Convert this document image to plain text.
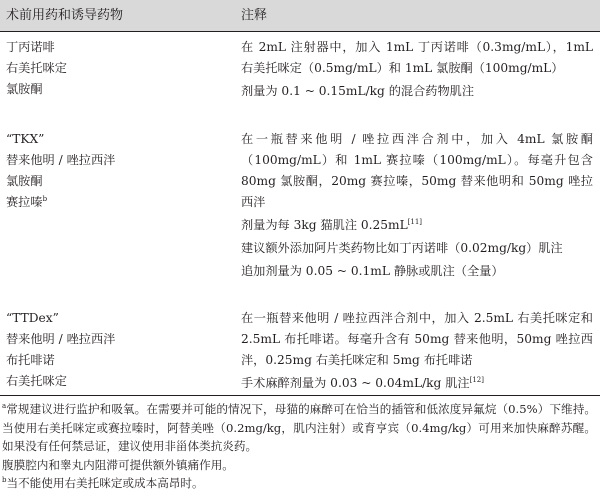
术前用药和诱导药物	注释
丁丙诺啡
右美托咪定
氯胺酮

在 2mL 注射器中，加入 1mL 丁丙诺啡（0.3mg/mL），1mL 右美托咪定（0.5mg/mL）和 1mL 氯胺酮（100mg/mL）

剂量为 0.1 ~ 0.15mL/kg 的混合药物肌注

“TKX”
替来他明 / 唑拉西泮
氯胺酮
赛拉嗪$^b$

在一瓶替来他明 / 唑拉西泮合剂中，加入 4mL 氯胺酮（100mg/mL）和 1mL 赛拉嗪（100mg/mL）。每毫升包含 80mg 氯胺酮，20mg 赛拉嗪，50mg 替来他明和 50mg 唑拉西泮

剂量为每 3kg 猫肌注 0.25mL[11]

建议额外添加阿片类药物比如丁丙诺啡（0.02mg/kg）肌注

追加剂量为 0.05 ~ 0.1mL 静脉或肌注（全量）

“TTDex”
替来他明 / 唑拉西泮
布托啡诺
右美托咪定

在一瓶替来他明 / 唑拉西泮合剂中，加入 2.5mL 右美托咪定和 2.5mL 布托啡诺。每毫升含有 50mg 替来他明，50mg 唑拉西泮，0.25mg 右美托咪定和 5mg 布托啡诺

手术麻醉剂量为 0.03 ~ 0.04mL/kg 肌注[12]

$^a$常规建议进行监护和吸氧。在需要并可能的情况下，母猫的麻醉可在恰当的插管和低浓度异氟烷（0.5%）下维持。当使用右美托咪定或赛拉嗪时，阿替美唑（0.2mg/kg，肌内注射）或育亨宾（0.4mg/kg）可用来加快麻醉苏醒。如果没有任何禁忌证，建议使用非甾体类抗炎药。

腹膜腔内和睾丸内阻滞可提供额外镇痛作用。

$^b$当不能使用右美托咪定或成本高昂时。
